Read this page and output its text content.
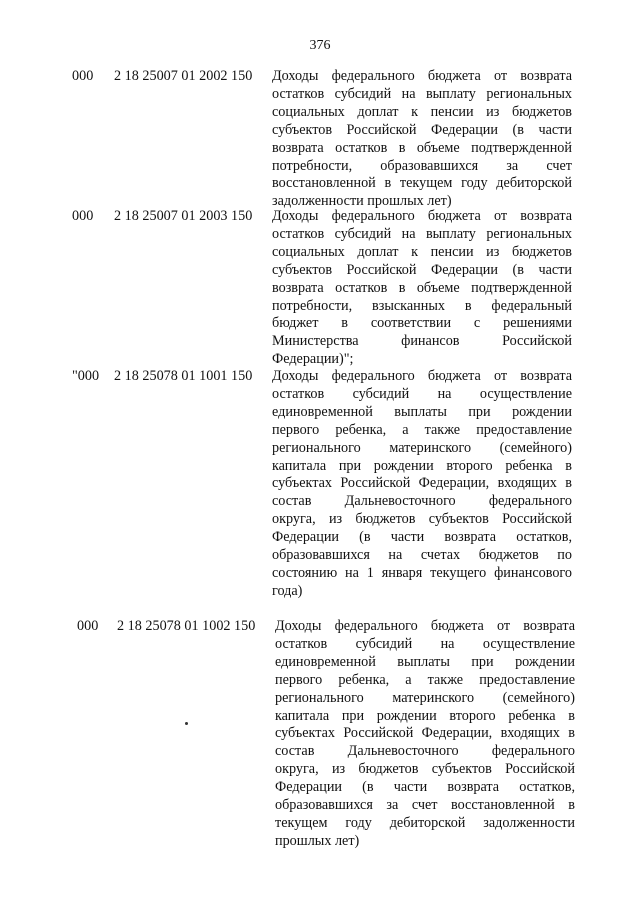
376
000	2 18 25007 01 2002 150	Доходы федерального бюджета от возврата
остатков субсидий на выплату региональных
социальных доплат к пенсии из бюджетов
субъектов Российской Федерации (в части
возврата остатков в объеме подтвержденной
потребности, образовавшихся за счет
восстановленной в текущем году дебиторской
задолженности прошлых лет)
000	2 18 25007 01 2003 150	Доходы федерального бюджета от возврата
остатков субсидий на выплату региональных
социальных доплат к пенсии из бюджетов
субъектов Российской Федерации (в части
возврата остатков в объеме подтвержденной
потребности, взысканных в федеральный
бюджет в соответствии с решениями
Министерства финансов Российской
Федерации)";
"000	2 18 25078 01 1001 150	Доходы федерального бюджета от возврата
остатков субсидий на осуществление
единовременной выплаты при рождении
первого ребенка, а также предоставление
регионального материнского (семейного)
капитала при рождении второго ребенка в
субъектах Российской Федерации, входящих в
состав Дальневосточного федерального
округа, из бюджетов субъектов Российской
Федерации (в части возврата остатков,
образовавшихся на счетах бюджетов по
состоянию на 1 января текущего финансового
года)
000	2 18 25078 01 1002 150	Доходы федерального бюджета от возврата
остатков субсидий на осуществление
единовременной выплаты при рождении
первого ребенка, а также предоставление
регионального материнского (семейного)
капитала при рождении второго ребенка в
субъектах Российской Федерации, входящих в
состав Дальневосточного федерального
округа, из бюджетов субъектов Российской
Федерации (в части возврата остатков,
образовавшихся за счет восстановленной в
текущем году дебиторской задолженности
прошлых лет)
